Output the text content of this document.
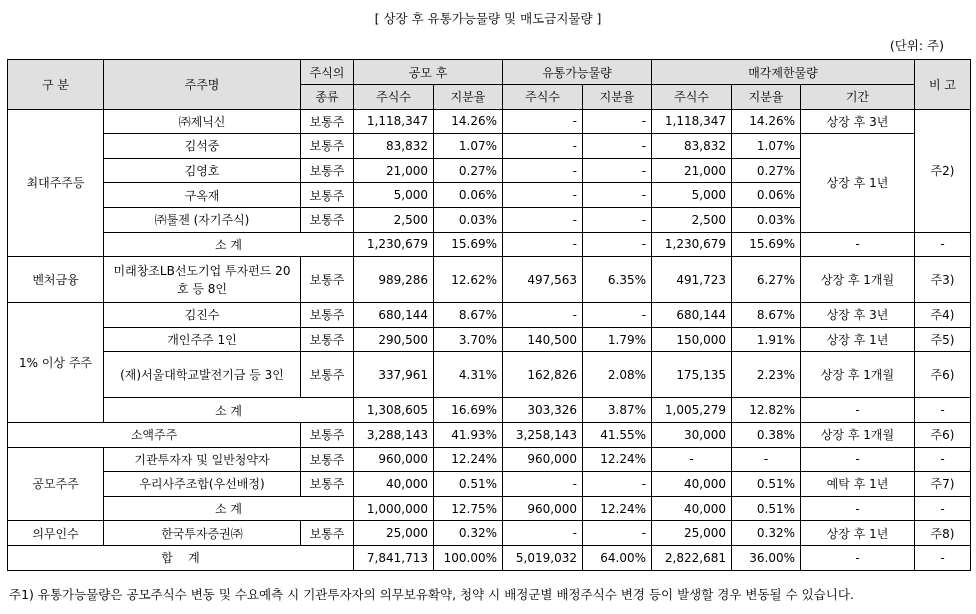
[ 상장 후 유통가능물량 및 매도금지물량 ]
(단위: 주)
구 분	주주명	주식의	공모 후		유통가능물량		매각제한물량			비 고
		종류	주식수	지분율	주식수	지분율	주식수	지분율	기간	
최대주주등	㈜제닉신	보통주	1,118,347	14.26%	-	-	1,118,347	14.26%	상장 후 3년	주2)
	김석중	보통주	83,832	1.07%	-	-	83,832	1.07%	상장 후 1년	
	김영호	보통주	21,000	0.27%	-	-	21,000	0.27%		
	구옥재	보통주	5,000	0.06%	-	-	5,000	0.06%		
	㈜툴젠 (자기주식)	보통주	2,500	0.03%	-	-	2,500	0.03%		
	소 계		1,230,679	15.69%	-	-	1,230,679	15.69%	-	-
벤처금융	미래창조LB선도기업 투자펀드 20호 등 8인	보통주	989,286	12.62%	497,563	6.35%	491,723	6.27%	상장 후 1개월	주3)
1% 이상 주주	김진수	보통주	680,144	8.67%	-	-	680,144	8.67%	상장 후 3년	주4)
	개인주주 1인	보통주	290,500	3.70%	140,500	1.79%	150,000	1.91%	상장 후 1년	주5)
	(재)서울대학교발전기금 등 3인	보통주	337,961	4.31%	162,826	2.08%	175,135	2.23%	상장 후 1개월	주6)
	소 계		1,308,605	16.69%	303,326	3.87%	1,005,279	12.82%	-	-
소액주주		보통주	3,288,143	41.93%	3,258,143	41.55%	30,000	0.38%	상장 후 1개월	주6)
공모주주	기관투자자 및 일반청약자	보통주	960,000	12.24%	960,000	12.24%	-	-	-	-
	우리사주조합(우선배정)	보통주	40,000	0.51%	-	-	40,000	0.51%	예탁 후 1년	주7)
	소 계		1,000,000	12.75%	960,000	12.24%	40,000	0.51%	-	-
의무인수	한국투자증권㈜	보통주	25,000	0.32%	-	-	25,000	0.32%	상장 후 1년	주8)
합    계			7,841,713	100.00%	5,019,032	64.00%	2,822,681	36.00%	-	-
주1) 유통가능물량은 공모주식수 변동 및 수요예측 시 기관투자자의 의무보유확약, 청약 시 배정군별 배정주식수 변경 등이 발생할 경우 변동될 수 있습니다.
